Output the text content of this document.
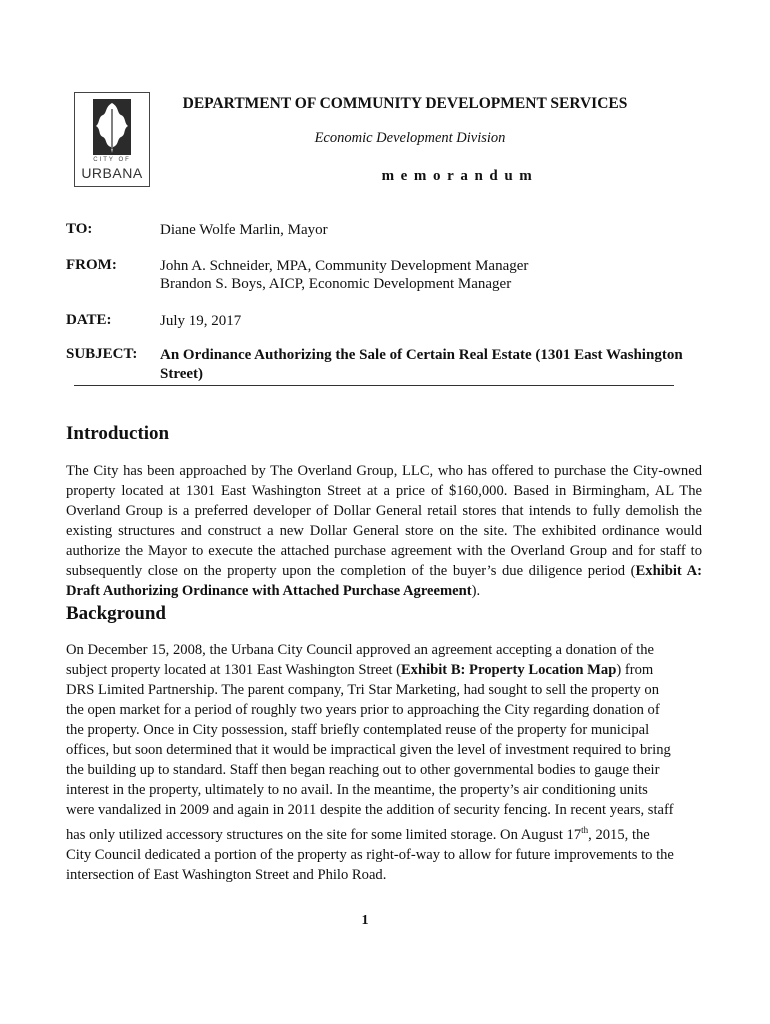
CITY OF
URBANA
DEPARTMENT OF COMMUNITY DEVELOPMENT SERVICES
Economic Development Division
memorandum
TO:	Diane Wolfe Marlin, Mayor
FROM:	John A. Schneider, MPA, Community Development Manager
Brandon S. Boys, AICP, Economic Development Manager
DATE:	July 19, 2017
SUBJECT: An Ordinance Authorizing the Sale of Certain Real Estate (1301 East Washington Street)
Introduction
The City has been approached by The Overland Group, LLC, who has offered to purchase the City-owned property located at 1301 East Washington Street at a price of $160,000. Based in Birmingham, AL The Overland Group is a preferred developer of Dollar General retail stores that intends to fully demolish the existing structures and construct a new Dollar General store on the site. The exhibited ordinance would authorize the Mayor to execute the attached purchase agreement with the Overland Group and for staff to subsequently close on the property upon the completion of the buyer’s due diligence period (Exhibit A: Draft Authorizing Ordinance with Attached Purchase Agreement).
Background
On December 15, 2008, the Urbana City Council approved an agreement accepting a donation of the
subject property located at 1301 East Washington Street (Exhibit B: Property Location Map) from
DRS Limited Partnership. The parent company, Tri Star Marketing, had sought to sell the property on
the open market for a period of roughly two years prior to approaching the City regarding donation of
the property. Once in City possession, staff briefly contemplated reuse of the property for municipal
offices, but soon determined that it would be impractical given the level of investment required to bring
the building up to standard. Staff then began reaching out to other governmental bodies to gauge their
interest in the property, ultimately to no avail. In the meantime, the property’s air conditioning units
were vandalized in 2009 and again in 2011 despite the addition of security fencing. In recent years, staff
has only utilized accessory structures on the site for some limited storage. On August 17th, 2015, the
City Council dedicated a portion of the property as right-of-way to allow for future improvements to the
intersection of East Washington Street and Philo Road.
1
